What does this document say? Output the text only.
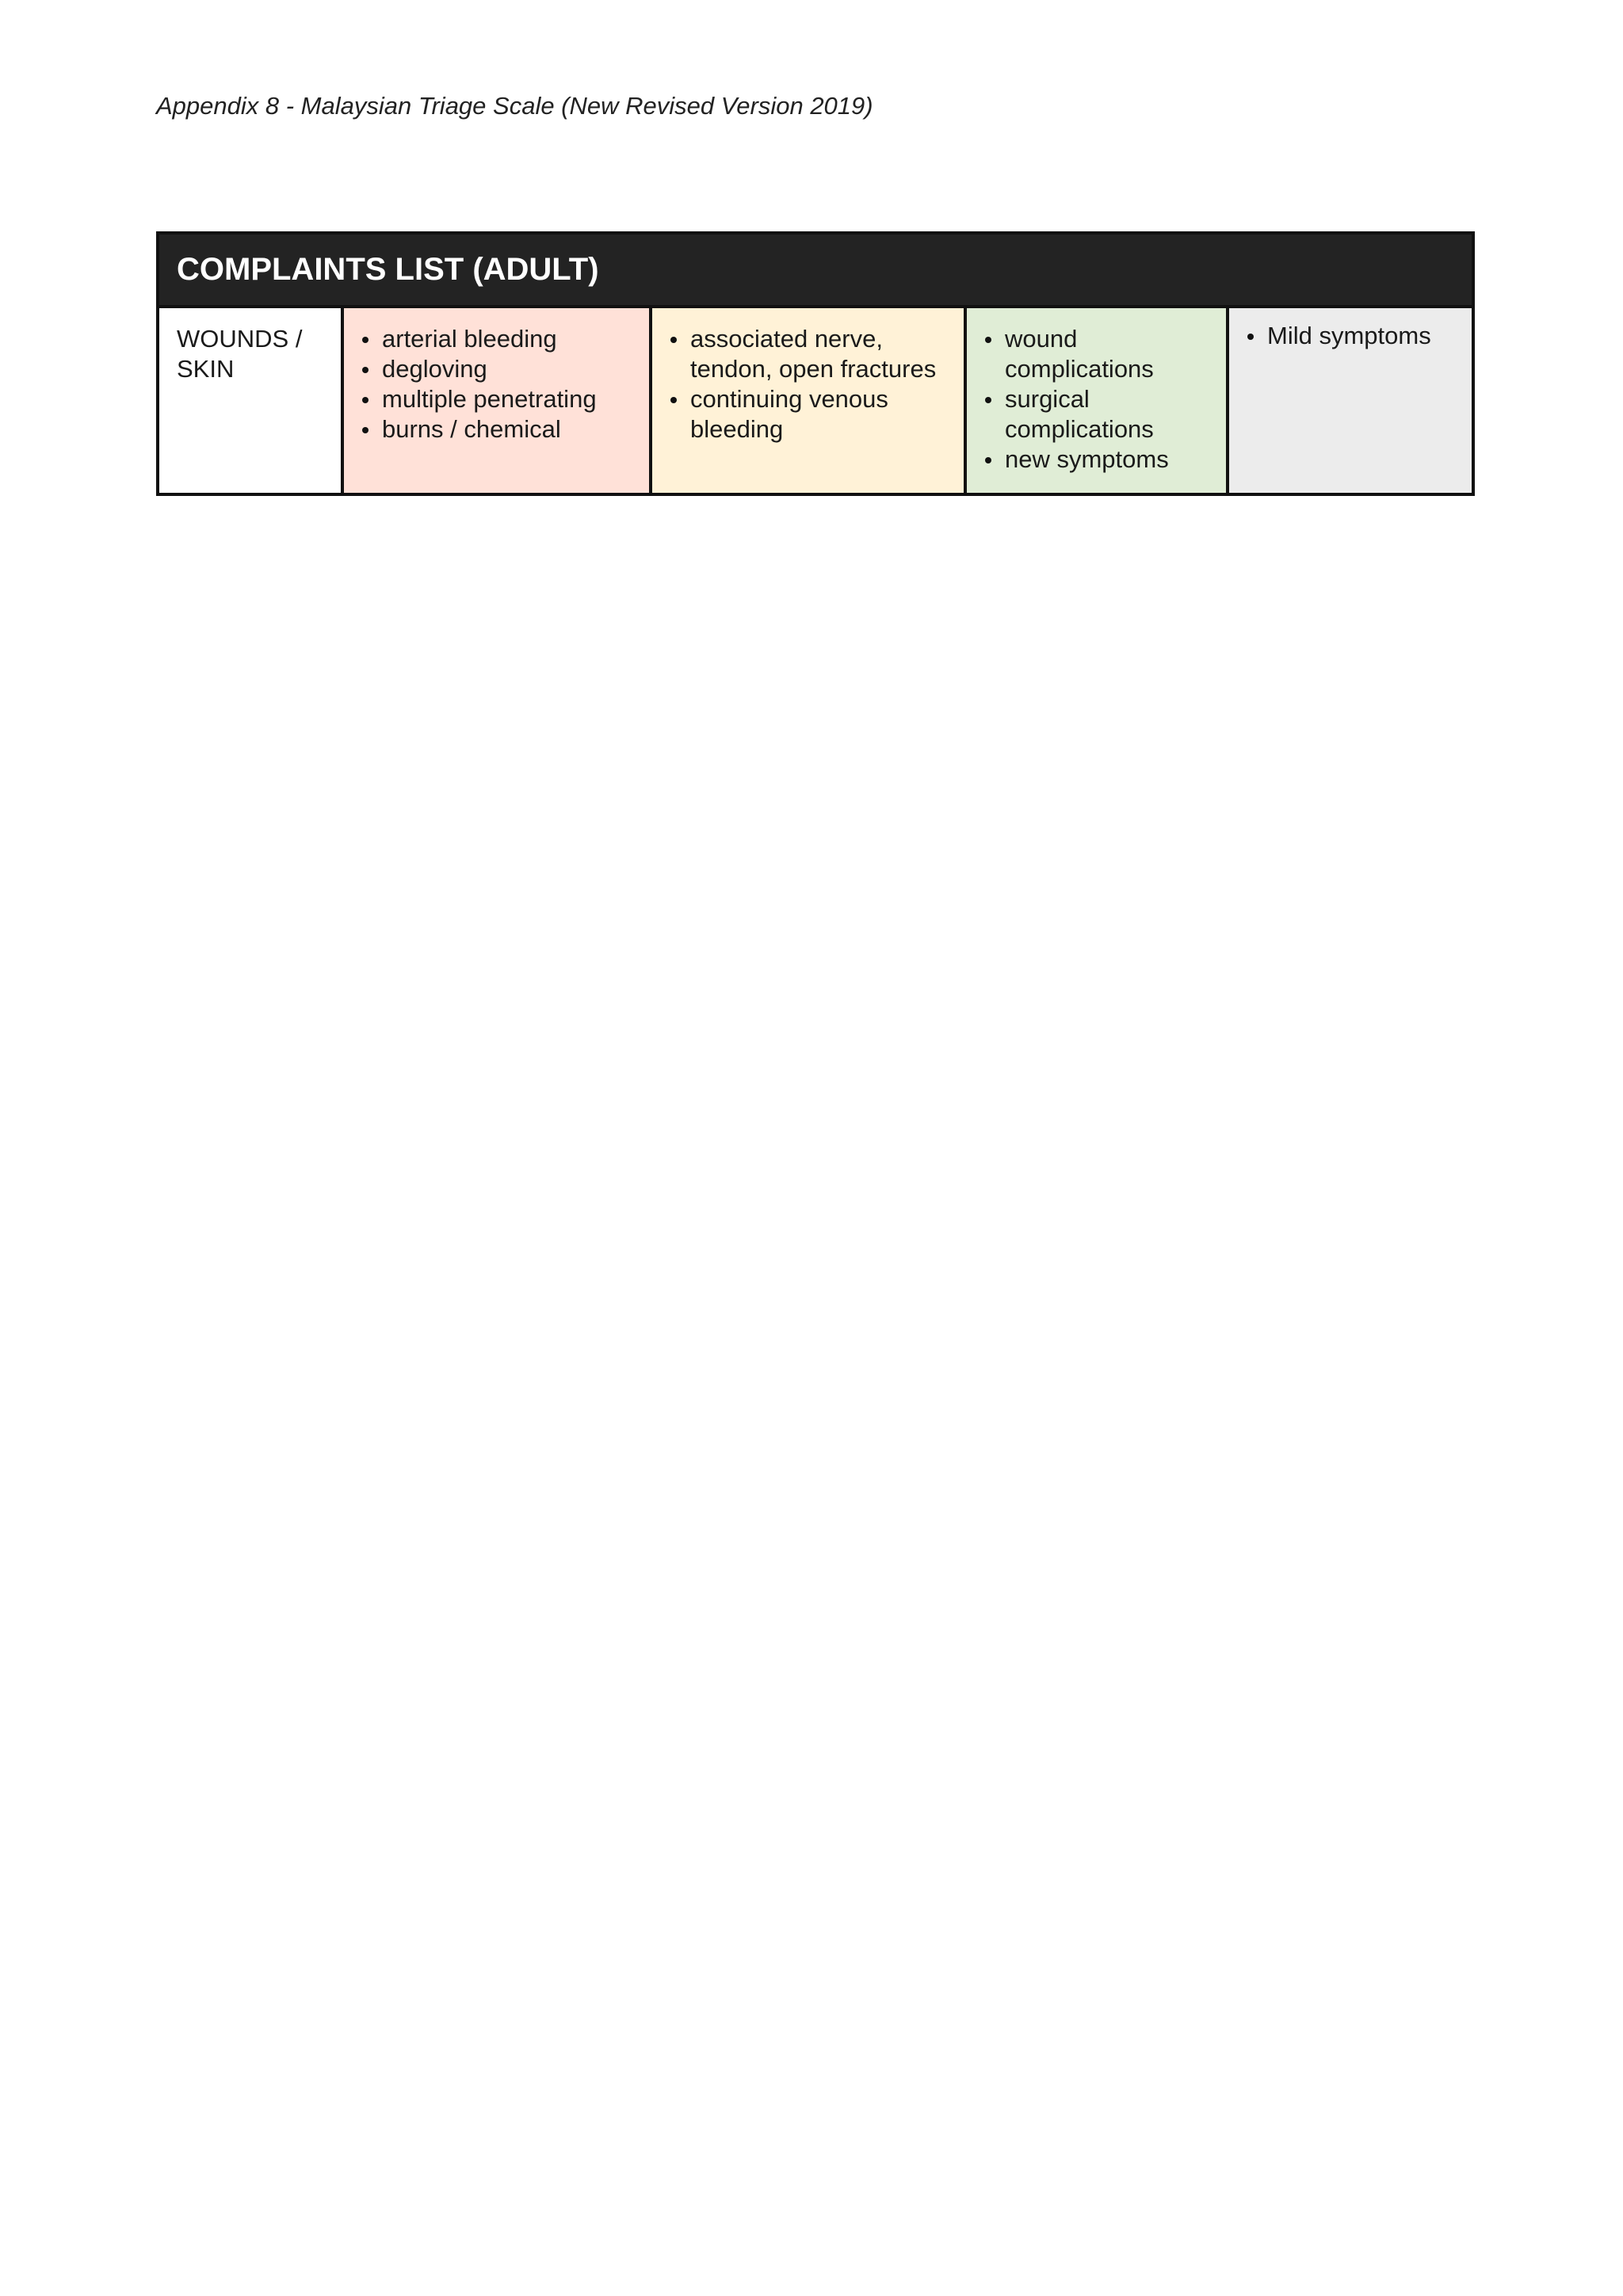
Appendix 8 - Malaysian Triage Scale (New Revised Version 2019)
COMPLAINTS LIST (ADULT)
WOUNDS / SKIN
arterial bleeding
degloving
multiple penetrating
burns / chemical
associated nerve, tendon, open fractures
continuing venous bleeding
wound complications
surgical complications
new symptoms
Mild symptoms
